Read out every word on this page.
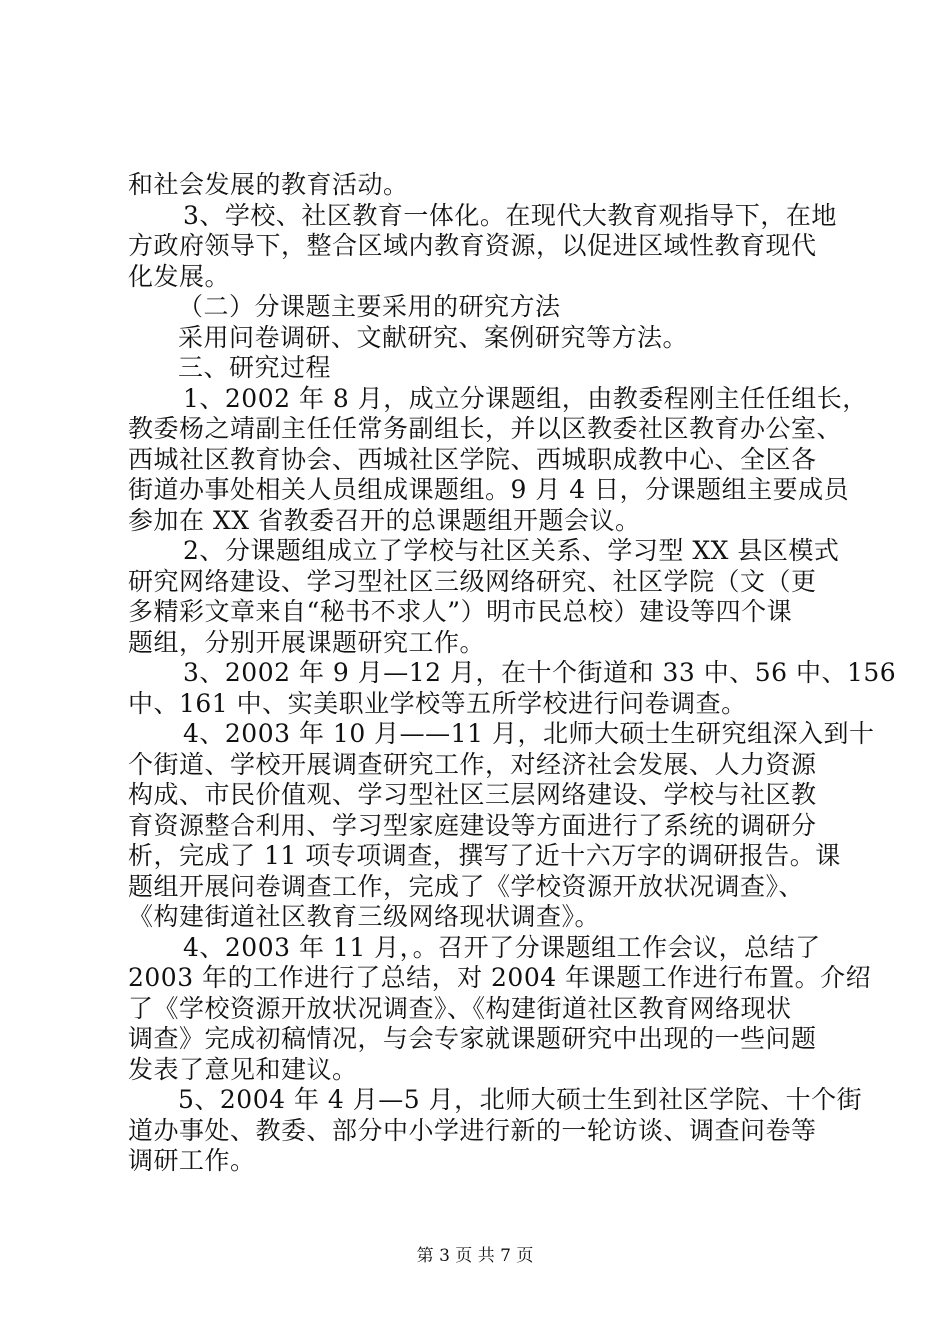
和社会发展的教育活动。
3、学校、社区教育一体化。在现代大教育观指导下，在地
方政府领导下，整合区域内教育资源，以促进区域性教育现代
化发展。
（二）分课题主要采用的研究方法
采用问卷调研、文献研究、案例研究等方法。
三、研究过程
1、2002 年 8 月，成立分课题组，由教委程刚主任任组长，
教委杨之靖副主任任常务副组长，并以区教委社区教育办公室、
西城社区教育协会、西城社区学院、西城职成教中心、全区各
街道办事处相关人员组成课题组。9 月 4 日，分课题组主要成员
参加在 XX 省教委召开的总课题组开题会议。
2、分课题组成立了学校与社区关系、学习型 XX 县区模式
研究网络建设、学习型社区三级网络研究、社区学院（文（更
多精彩文章来自“秘书不求人”）明市民总校）建设等四个课
题组，分别开展课题研究工作。
3、2002 年 9 月—12 月，在十个街道和 33 中、56 中、156
中、161 中、实美职业学校等五所学校进行问卷调查。
4、2003 年 10 月——11 月，北师大硕士生研究组深入到十
个街道、学校开展调查研究工作，对经济社会发展、人力资源
构成、市民价值观、学习型社区三层网络建设、学校与社区教
育资源整合利用、学习型家庭建设等方面进行了系统的调研分
析，完成了 11 项专项调查，撰写了近十六万字的调研报告。课
题组开展问卷调查工作，完成了《学校资源开放状况调查》、
《构建街道社区教育三级网络现状调查》。
4、2003 年 11 月，。召开了分课题组工作会议，总结了
2003 年的工作进行了总结，对 2004 年课题工作进行布置。介绍
了《学校资源开放状况调查》、《构建街道社区教育网络现状
调查》完成初稿情况，与会专家就课题研究中出现的一些问题
发表了意见和建议。
5、2004 年 4 月—5 月，北师大硕士生到社区学院、十个街
道办事处、教委、部分中小学进行新的一轮访谈、调查问卷等
调研工作。
第 3 页 共 7 页
